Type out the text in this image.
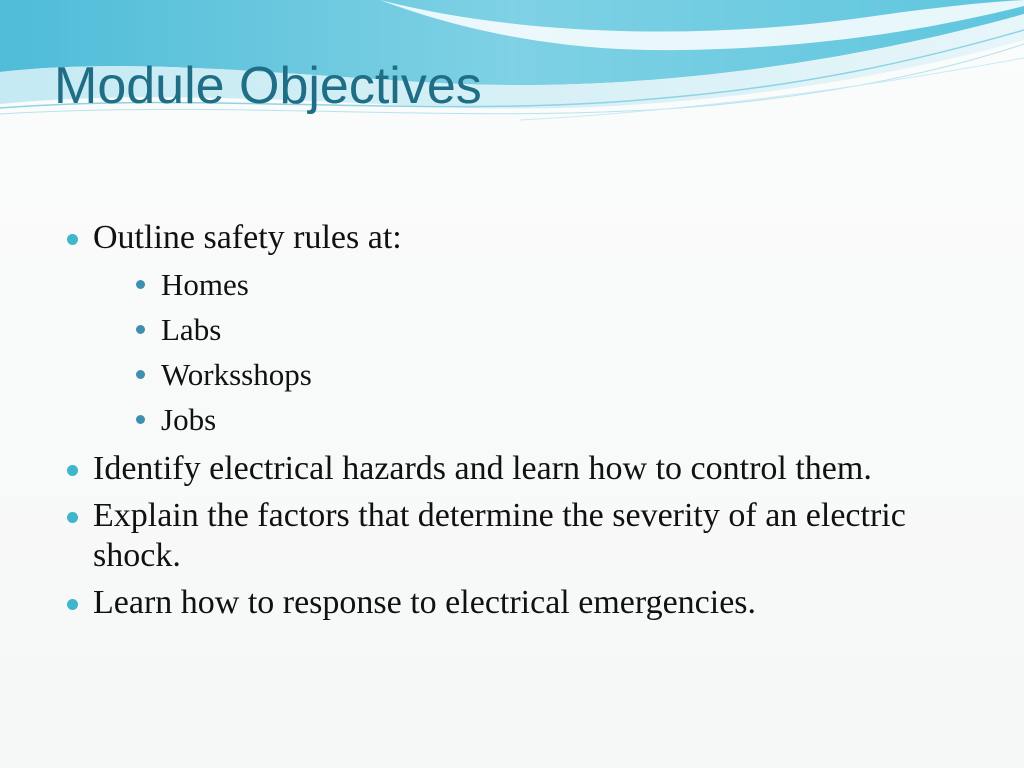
Module Objectives
Outline safety rules at:
Homes
Labs
Worksshops
Jobs
Identify electrical hazards and learn how to control them.
Explain the factors that determine the severity of an electric shock.
Learn how to response to electrical emergencies.
